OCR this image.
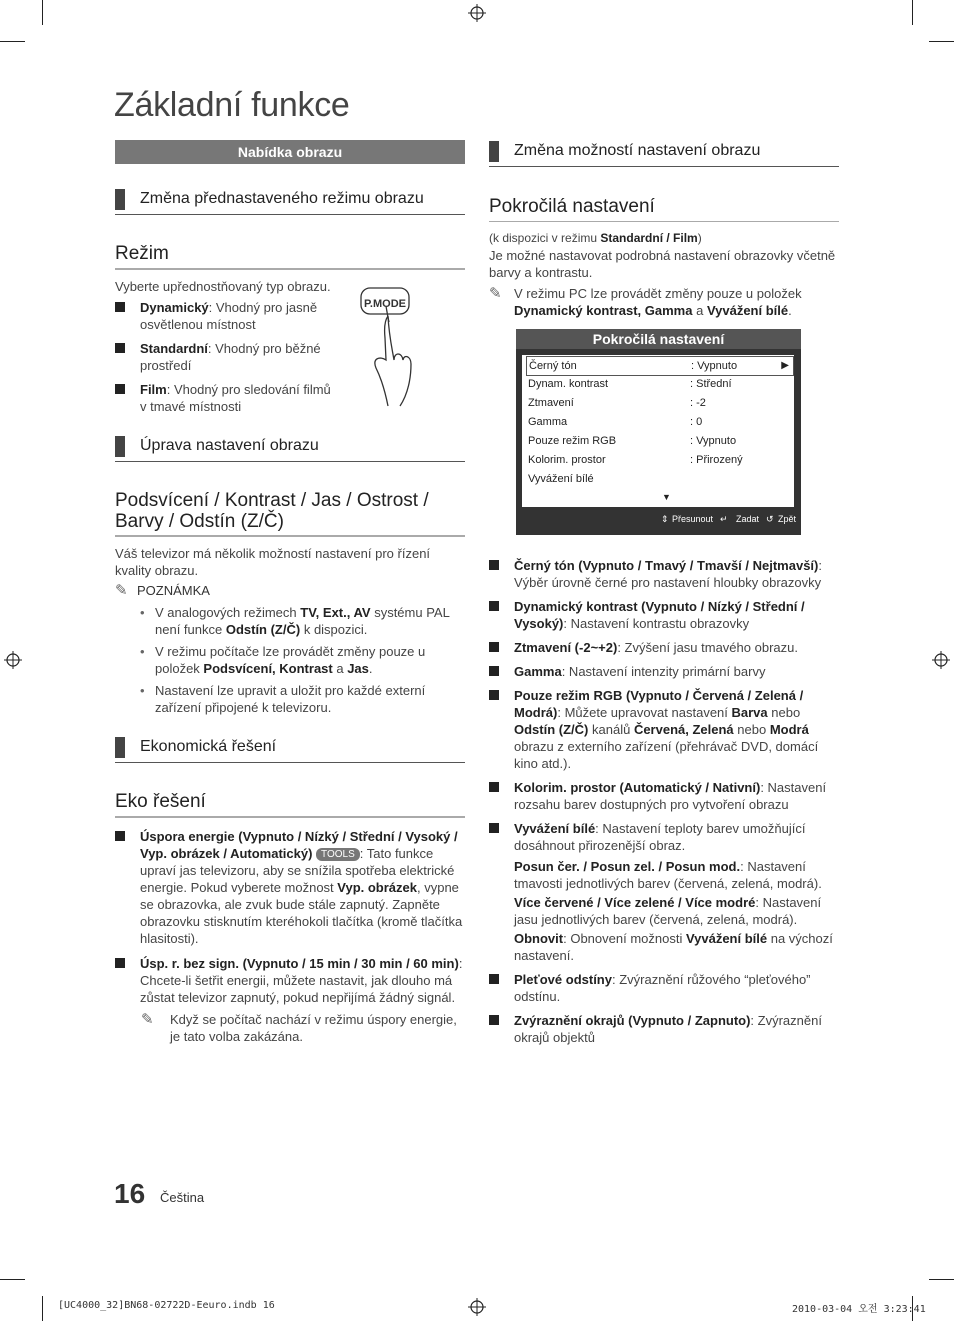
Základní funkce
Nabídka obrazu
Změna přednastaveného režimu obrazu
Režim

Vyberte upřednostňovaný typ obrazu.

Dynamický: Vhodný pro jasně osvětlenou místnost
Standardní: Vhodný pro běžné prostředí
Film: Vhodný pro sledování filmů v tmavé místnosti
P.MODE
Úprava nastavení obrazu
Podsvícení / Kontrast / Jas / Ostrost / Barvy / Odstín (Z/Č)

Váš televizor má několik možností nastavení pro řízení kvality obrazu.

✎ POZNÁMKA
• V analogových režimech TV, Ext., AV systému PAL není funkce Odstín (Z/Č) k dispozici.
• V režimu počítače lze provádět změny pouze u položek Podsvícení, Kontrast a Jas.
• Nastavení lze upravit a uložit pro každé externí zařízení připojené k televizoru.
Ekonomická řešení
Eko řešení
Úspora energie (Vypnuto / Nízký / Střední / Vysoký / Vyp. obrázek / Automatický) TOOLS : Tato funkce upraví jas televizoru, aby se snížila spotřeba elektrické energie. Pokud vyberete možnost Vyp. obrázek, vypne se obrazovka, ale zvuk bude stále zapnutý. Zapněte obrazovku stisknutím kteréhokoli tlačítka (kromě tlačítka hlasitosti).
Úsp. r. bez sign. (Vypnuto / 15 min / 30 min / 60 min): Chcete-li šetřit energii, můžete nastavit, jak dlouho má zůstat televizor zapnutý, pokud nepřijímá žádný signál.
✎	Když se počítač nachází v režimu úspory energie, je tato volba zakázána.
Změna možností nastavení obrazu
Pokročilá nastavení

(k dispozici v režimu Standardní / Film)

Je možné nastavovat podrobná nastavení obrazovky včetně barvy a kontrastu.

✎ V režimu PC lze provádět změny pouze u položek Dynamický kontrast, Gamma a Vyvážení bílé.
Pokročilá nastavení
Černý tón	: Vypnuto	▶
Dynam. kontrast	: Střední
Ztmavení	: -2
Gamma	: 0
Pouze režim RGB	: Vypnuto
Kolorim. prostor	: Přirozený
Vyvážení bílé
▼
⇕ Přesunout ↵ Zadat ↺ Zpět
Černý tón (Vypnuto / Tmavý / Tmavší / Nejtmavší): Výběr úrovně černé pro nastavení hloubky obrazovky
Dynamický kontrast (Vypnuto / Nízký / Střední / Vysoký): Nastavení kontrastu obrazovky
Ztmavení (-2~+2): Zvýšení jasu tmavého obrazu.
Gamma: Nastavení intenzity primární barvy
Pouze režim RGB (Vypnuto / Červená / Zelená / Modrá): Můžete upravovat nastavení Barva nebo Odstín (Z/Č) kanálů Červená, Zelená nebo Modrá obrazu z externího zařízení (přehrávač DVD, domácí kino atd.).
Kolorim. prostor (Automatický / Nativní): Nastavení rozsahu barev dostupných pro vytvoření obrazu
Vyvážení bílé: Nastavení teploty barev umožňující dosáhnout přirozenější obraz.
Posun čer. / Posun zel. / Posun mod.: Nastavení tmavosti jednotlivých barev (červená, zelená, modrá).
Více červené / Více zelené / Více modré: Nastavení jasu jednotlivých barev (červená, zelená, modrá).
Obnovit: Obnovení možnosti Vyvážení bílé na výchozí nastavení.
Pleťové odstíny: Zvýraznění růžového “pleťového” odstínu.
Zvýraznění okrajů (Vypnuto / Zapnuto): Zvýraznění okrajů objektů
16 Čeština
[UC4000_32]BN68-02722D-Eeuro.indb 16	2010-03-04 오전 3:23:41
